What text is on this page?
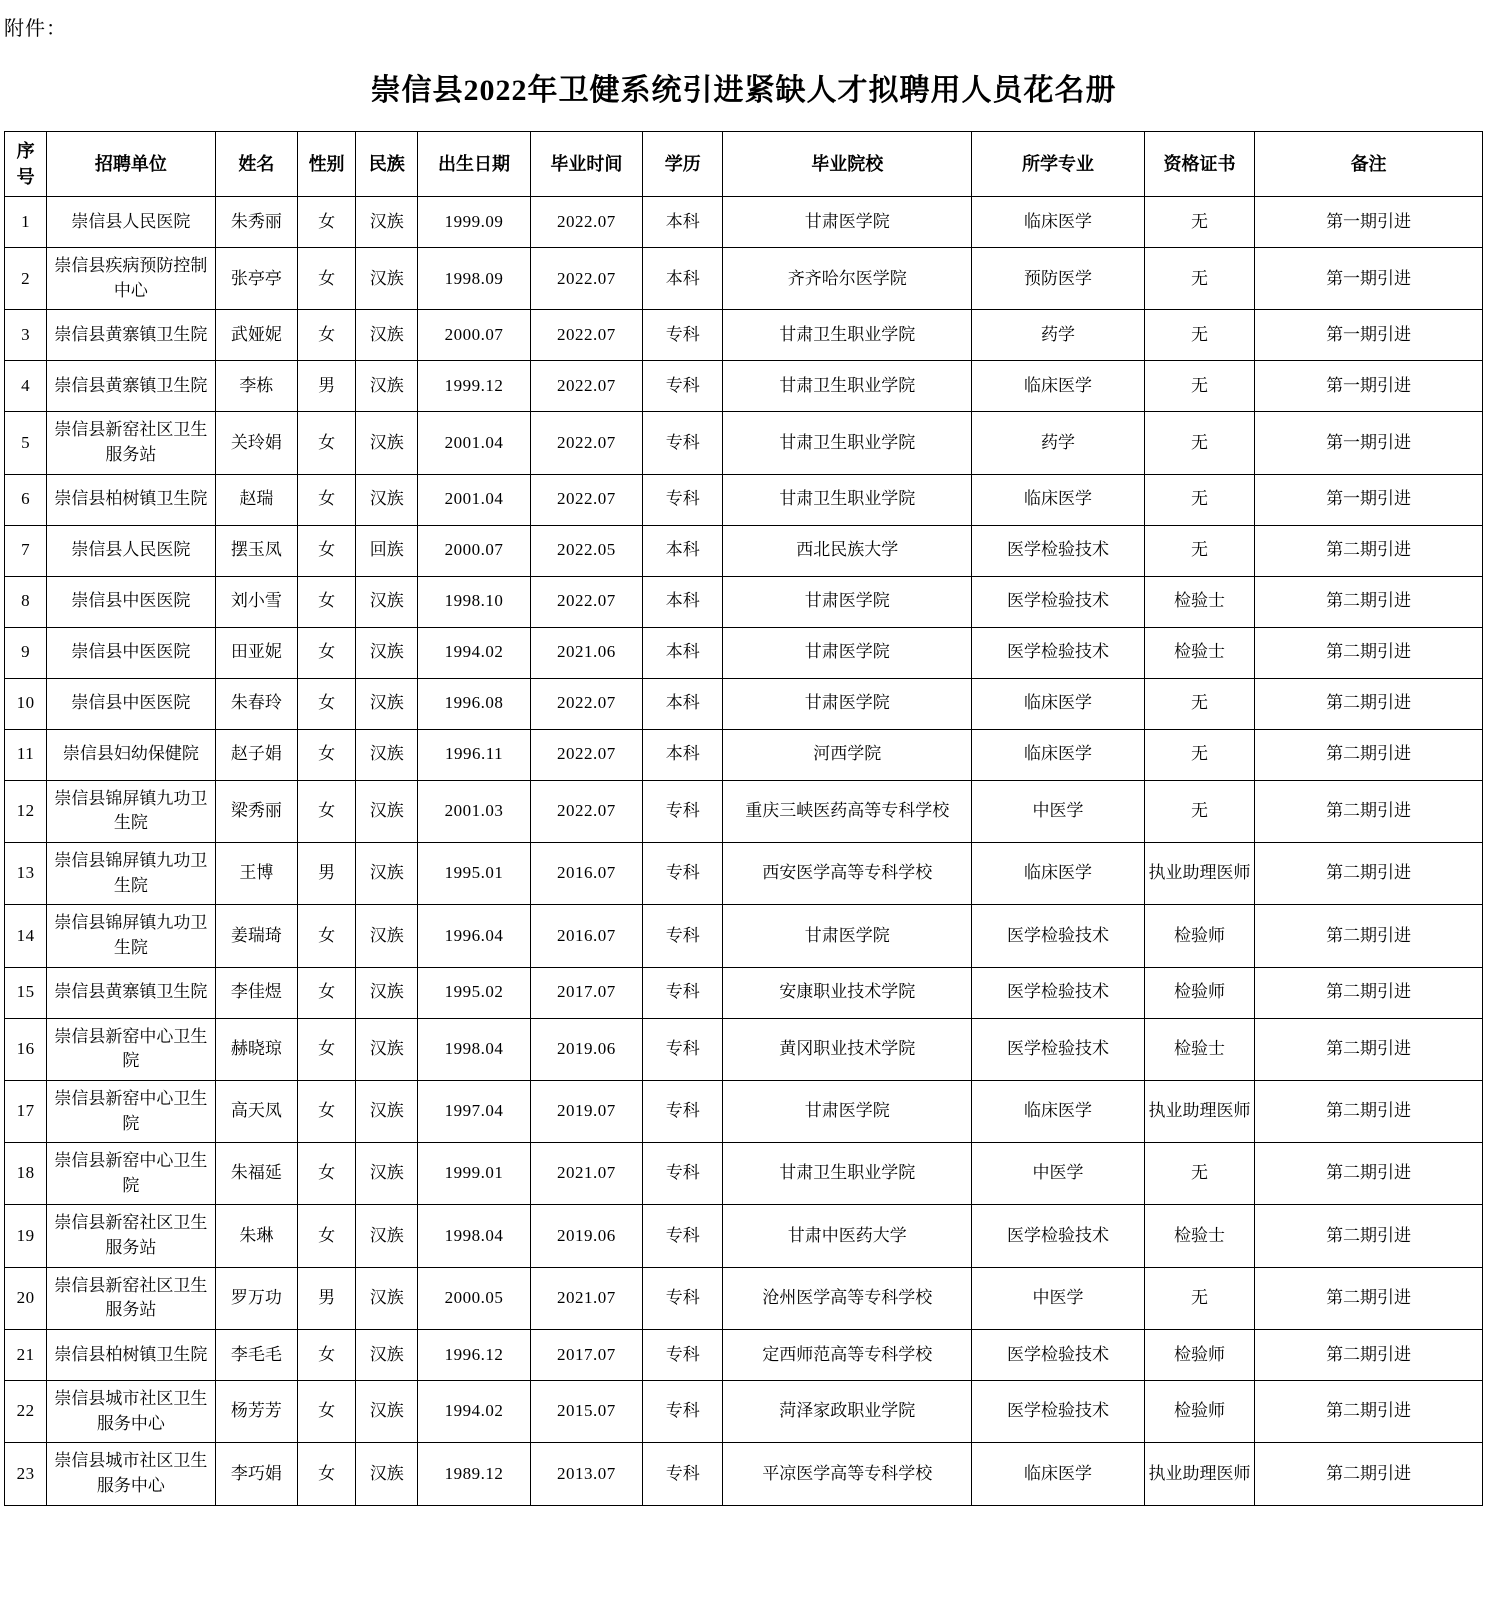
附件：
崇信县2022年卫健系统引进紧缺人才拟聘用人员花名册
序号	招聘单位	姓名	性别	民族	出生日期	毕业时间	学历	毕业院校	所学专业	资格证书	备注
1	崇信县人民医院	朱秀丽	女	汉族	1999.09	2022.07	本科	甘肃医学院	临床医学	无	第一期引进
2	崇信县疾病预防控制中心	张亭亭	女	汉族	1998.09	2022.07	本科	齐齐哈尔医学院	预防医学	无	第一期引进
3	崇信县黄寨镇卫生院	武娅妮	女	汉族	2000.07	2022.07	专科	甘肃卫生职业学院	药学	无	第一期引进
4	崇信县黄寨镇卫生院	李栋	男	汉族	1999.12	2022.07	专科	甘肃卫生职业学院	临床医学	无	第一期引进
5	崇信县新窑社区卫生服务站	关玲娟	女	汉族	2001.04	2022.07	专科	甘肃卫生职业学院	药学	无	第一期引进
6	崇信县柏树镇卫生院	赵瑞	女	汉族	2001.04	2022.07	专科	甘肃卫生职业学院	临床医学	无	第一期引进
7	崇信县人民医院	摆玉凤	女	回族	2000.07	2022.05	本科	西北民族大学	医学检验技术	无	第二期引进
8	崇信县中医医院	刘小雪	女	汉族	1998.10	2022.07	本科	甘肃医学院	医学检验技术	检验士	第二期引进
9	崇信县中医医院	田亚妮	女	汉族	1994.02	2021.06	本科	甘肃医学院	医学检验技术	检验士	第二期引进
10	崇信县中医医院	朱春玲	女	汉族	1996.08	2022.07	本科	甘肃医学院	临床医学	无	第二期引进
11	崇信县妇幼保健院	赵子娟	女	汉族	1996.11	2022.07	本科	河西学院	临床医学	无	第二期引进
12	崇信县锦屏镇九功卫生院	梁秀丽	女	汉族	2001.03	2022.07	专科	重庆三峡医药高等专科学校	中医学	无	第二期引进
13	崇信县锦屏镇九功卫生院	王博	男	汉族	1995.01	2016.07	专科	西安医学高等专科学校	临床医学	执业助理医师	第二期引进
14	崇信县锦屏镇九功卫生院	姜瑞琦	女	汉族	1996.04	2016.07	专科	甘肃医学院	医学检验技术	检验师	第二期引进
15	崇信县黄寨镇卫生院	李佳煜	女	汉族	1995.02	2017.07	专科	安康职业技术学院	医学检验技术	检验师	第二期引进
16	崇信县新窑中心卫生院	赫晓琼	女	汉族	1998.04	2019.06	专科	黄冈职业技术学院	医学检验技术	检验士	第二期引进
17	崇信县新窑中心卫生院	高天凤	女	汉族	1997.04	2019.07	专科	甘肃医学院	临床医学	执业助理医师	第二期引进
18	崇信县新窑中心卫生院	朱福延	女	汉族	1999.01	2021.07	专科	甘肃卫生职业学院	中医学	无	第二期引进
19	崇信县新窑社区卫生服务站	朱琳	女	汉族	1998.04	2019.06	专科	甘肃中医药大学	医学检验技术	检验士	第二期引进
20	崇信县新窑社区卫生服务站	罗万功	男	汉族	2000.05	2021.07	专科	沧州医学高等专科学校	中医学	无	第二期引进
21	崇信县柏树镇卫生院	李毛毛	女	汉族	1996.12	2017.07	专科	定西师范高等专科学校	医学检验技术	检验师	第二期引进
22	崇信县城市社区卫生服务中心	杨芳芳	女	汉族	1994.02	2015.07	专科	菏泽家政职业学院	医学检验技术	检验师	第二期引进
23	崇信县城市社区卫生服务中心	李巧娟	女	汉族	1989.12	2013.07	专科	平凉医学高等专科学校	临床医学	执业助理医师	第二期引进
